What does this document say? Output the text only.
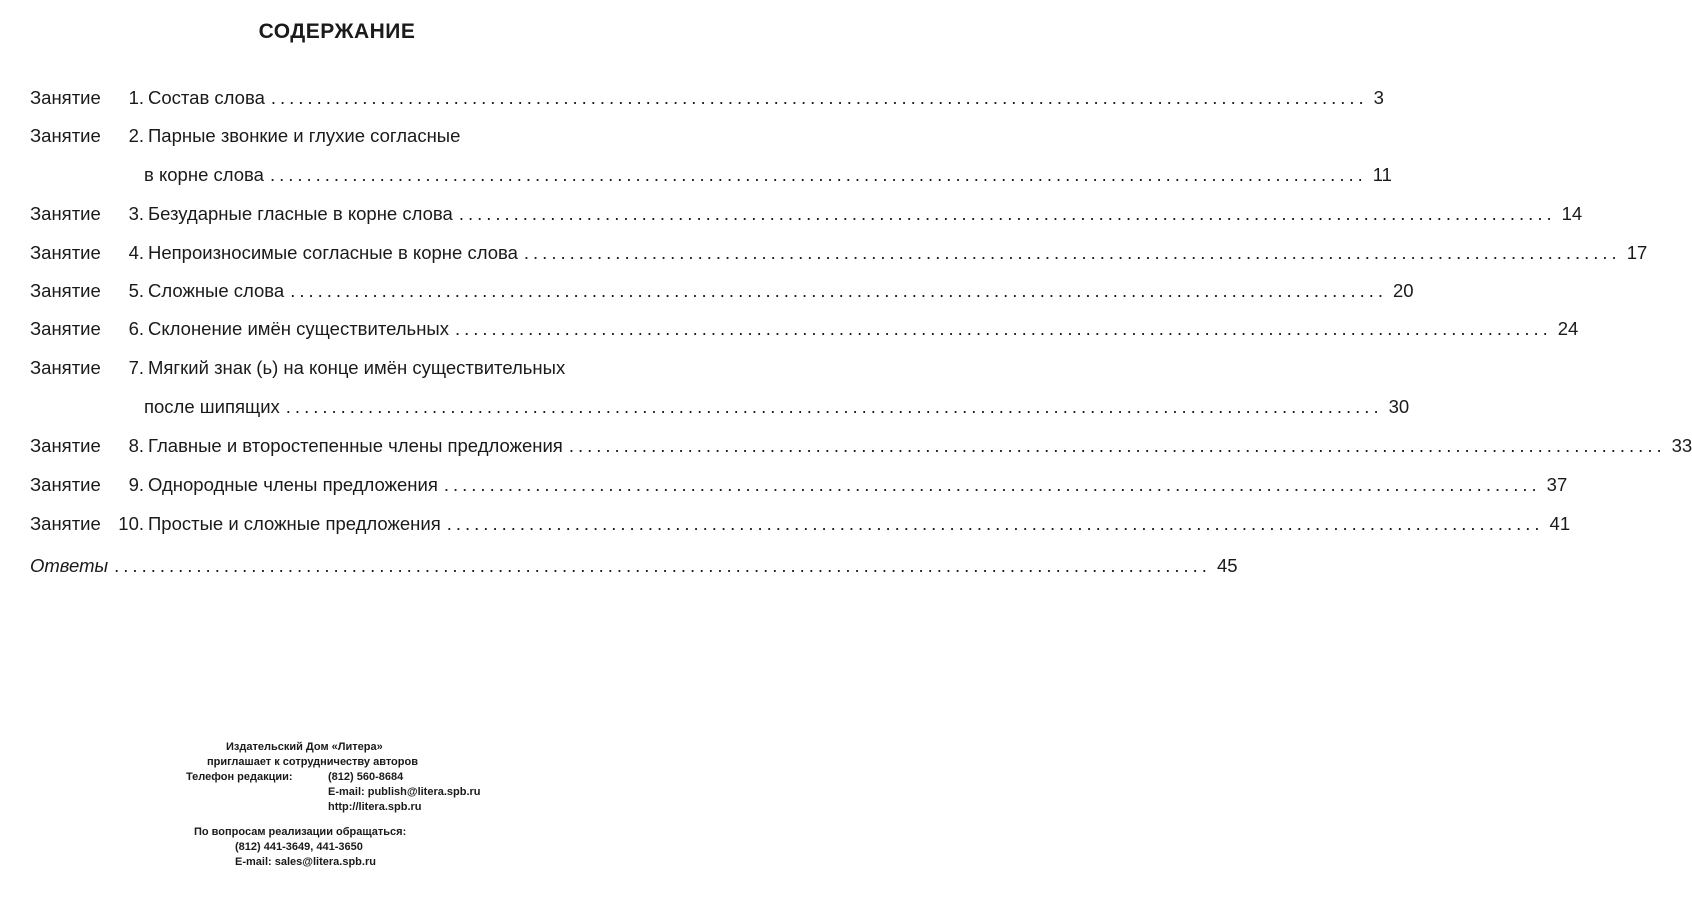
СОДЕРЖАНИЕ
Занятие	1. Состав слова ........................................................................................................................ 3
Занятие	2. Парные звонкие и глухие согласные
в корне слова ........................................................................................................................ 11
Занятие	3. Безударные гласные в корне слова ........................................................................................................................ 14
Занятие	4. Непроизносимые согласные в корне слова ........................................................................................................................ 17
Занятие	5. Сложные слова ........................................................................................................................ 20
Занятие	6. Склонение имён существительных ........................................................................................................................ 24
Занятие	7. Мягкий знак (ь) на конце имён существительных
после шипящих ........................................................................................................................ 30
Занятие	8. Главные и второстепенные члены предложения ........................................................................................................................ 33
Занятие	9. Однородные члены предложения ........................................................................................................................ 37
Занятие 10. Простые и сложные предложения ........................................................................................................................ 41
Ответы ........................................................................................................................ 45
Издательский Дом «Литера»
приглашает к сотрудничеству авторов
Телефон редакции:	(812) 560-8684
E-mail: publish@litera.spb.ru
http://litera.spb.ru
По вопросам реализации обращаться:
(812) 441-3649, 441-3650
E-mail: sales@litera.spb.ru
